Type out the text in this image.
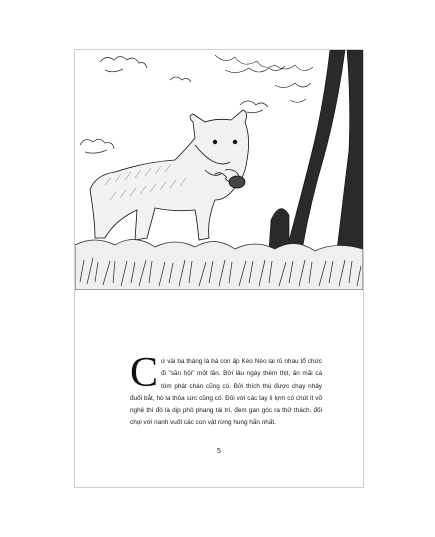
Cứ vài ba tháng là bà con ấp Kéo Nèo lại rủ nhau tổ chức đi "săn hội" một lần. Bởi lâu ngày thèm thịt, ăn mãi cá tôm phát chán cũng có. Bởi thích thú được chạy nhảy đuổi bắt, hò la thỏa sức cũng có. Đối với các tay lì lợm có chút ít võ nghệ thì đó là dịp phô phang tài trí, đem gan góc ra thử thách, đối chọi với nanh vuốt các con vật rừng hung hãn nhất.
5
